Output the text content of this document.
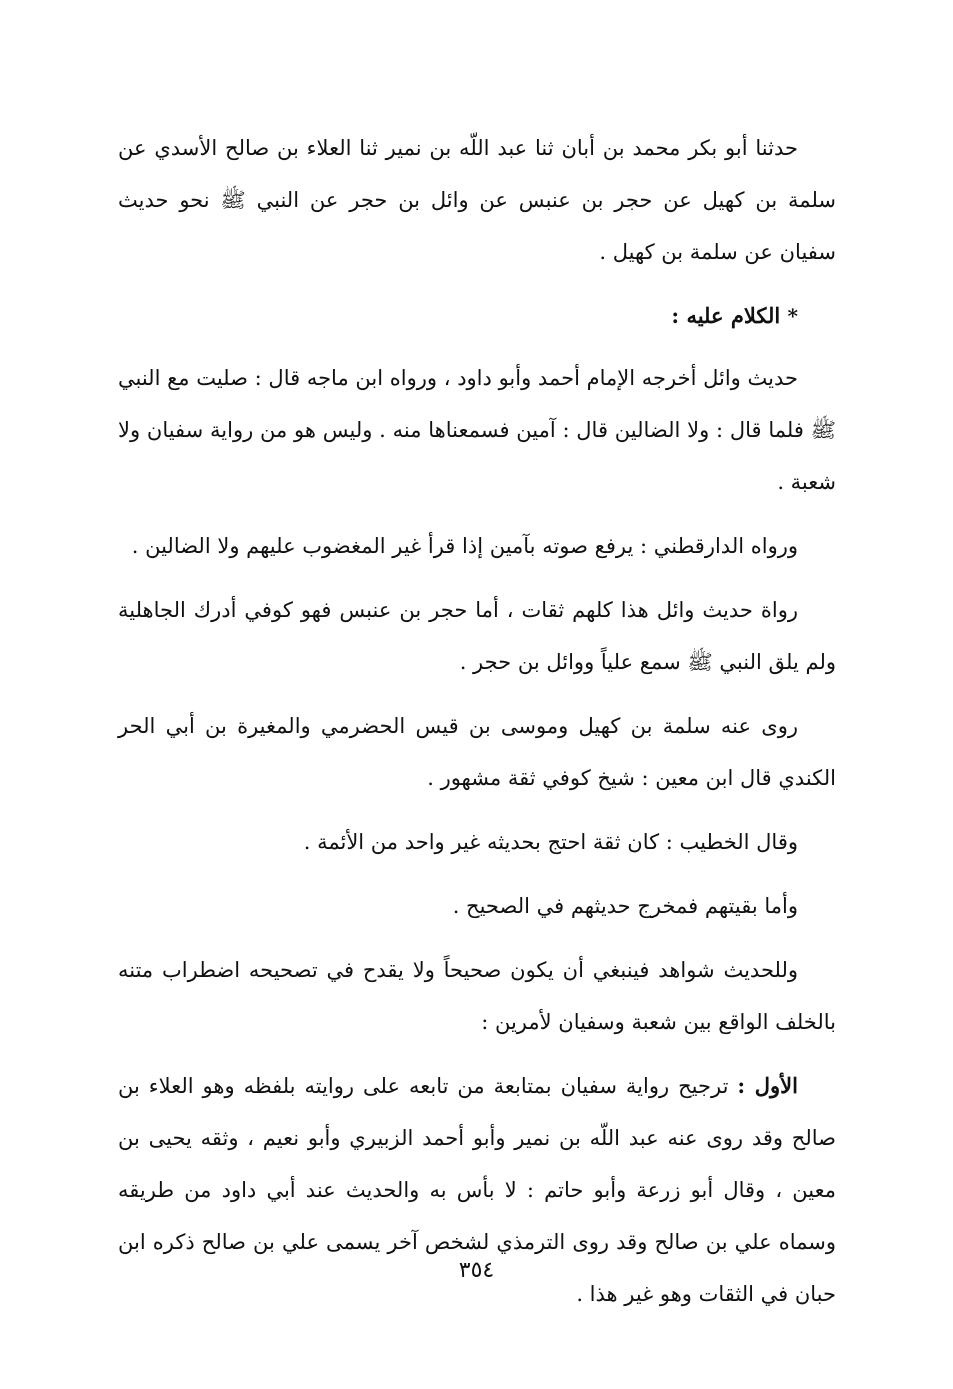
حدثنا أبو بكر محمد بن أبان ثنا عبد اللّه بن نمير ثنا العلاء بن صالح الأسدي عن سلمة بن كهيل عن حجر بن عنبس عن وائل بن حجر عن النبي ﷺ نحو حديث سفيان عن سلمة بن كهيل .

* الكلام عليه :

حديث وائل أخرجه الإمام أحمد وأبو داود ، ورواه ابن ماجه قال : صليت مع النبي ﷺ فلما قال : ولا الضالين قال : آمين فسمعناها منه . وليس هو من رواية سفيان ولا شعبة .

ورواه الدارقطني : يرفع صوته بآمين إذا قرأ غير المغضوب عليهم ولا الضالين .

رواة حديث وائل هذا كلهم ثقات ، أما حجر بن عنبس فهو كوفي أدرك الجاهلية ولم يلق النبي ﷺ سمع علياً ووائل بن حجر .

روى عنه سلمة بن كهيل وموسى بن قيس الحضرمي والمغيرة بن أبي الحر الكندي قال ابن معين : شيخ كوفي ثقة مشهور .

وقال الخطيب : كان ثقة احتج بحديثه غير واحد من الأئمة .

وأما بقيتهم فمخرج حديثهم في الصحيح .

وللحديث شواهد فينبغي أن يكون صحيحاً ولا يقدح في تصحيحه اضطراب متنه بالخلف الواقع بين شعبة وسفيان لأمرين :

الأول : ترجيح رواية سفيان بمتابعة من تابعه على روايته بلفظه وهو العلاء بن صالح وقد روى عنه عبد اللّه بن نمير وأبو أحمد الزبيري وأبو نعيم ، وثقه يحيى بن معين ، وقال أبو زرعة وأبو حاتم : لا بأس به والحديث عند أبي داود من طريقه وسماه علي بن صالح وقد روى الترمذي لشخص آخر يسمى علي بن صالح ذكره ابن حبان في الثقات وهو غير هذا .

٣٥٤
